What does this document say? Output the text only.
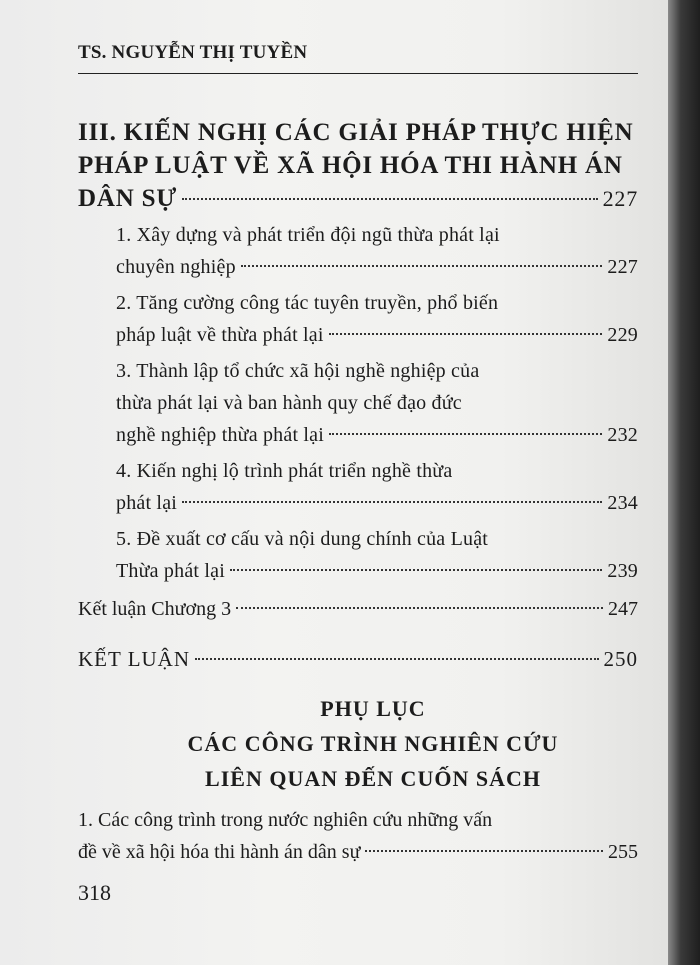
TS. NGUYỄN THỊ TUYỀN
III. KIẾN NGHỊ CÁC GIẢI PHÁP THỰC HIỆN
PHÁP LUẬT VỀ XÃ HỘI HÓA THI HÀNH ÁN
DÂN SỰ	227
1. Xây dựng và phát triển đội ngũ thừa phát lại
chuyên nghiệp	227
2. Tăng cường công tác tuyên truyền, phổ biến
pháp luật về thừa phát lại	229
3. Thành lập tổ chức xã hội nghề nghiệp của
thừa phát lại và ban hành quy chế đạo đức
nghề nghiệp thừa phát lại	232
4. Kiến nghị lộ trình phát triển nghề thừa
phát lại	234
5. Đề xuất cơ cấu và nội dung chính của Luật
Thừa phát lại	239
Kết luận Chương 3	247
KẾT LUẬN	250
PHỤ LỤC
CÁC CÔNG TRÌNH NGHIÊN CỨU
LIÊN QUAN ĐẾN CUỐN SÁCH
1. Các công trình trong nước nghiên cứu những vấn
đề về xã hội hóa thi hành án dân sự	255
318
